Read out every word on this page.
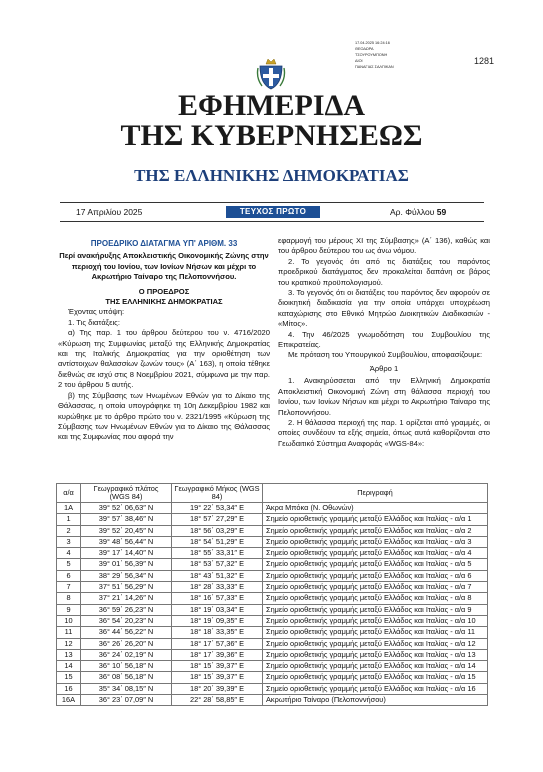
17.04.2025 16:24:16
ΘΕΟΔΩΡΑ
ΤΣΟΥΡΟΥΜΠΟΝΗ
ΔΙΟΙ
ΠΑΝΑΓΙΑΣ ΣΑΛΠΙΚΑΝ
1281
ΕΦΗΜΕΡΙΔΑ
ΤΗΣ ΚΥΒΕΡΝΗΣΕΩΣ
ΤΗΣ ΕΛΛΗΝΙΚΗΣ ΔΗΜΟΚΡΑΤΙΑΣ
17 Απριλίου 2025	ΤΕΥΧΟΣ ΠΡΩΤΟ	Αρ. Φύλλου 59
ΠΡΟΕΔΡΙΚΟ ΔΙΑΤΑΓΜΑ ΥΠ' ΑΡΙΘΜ. 33
Περί ανακήρυξης Αποκλειστικής Οικονομικής Ζώνης στην περιοχή του Ιονίου, των Ιονίων Νήσων και μέχρι το Ακρωτήριο Ταίναρο της Πελοποννήσου.
Ο ΠΡΟΕΔΡΟΣ
ΤΗΣ ΕΛΛΗΝΙΚΗΣ ΔΗΜΟΚΡΑΤΙΑΣ
Έχοντας υπόψη:
1. Τις διατάξεις:
α) Της παρ. 1 του άρθρου δεύτερου του ν. 4716/2020 «Κύρωση της Συμφωνίας μεταξύ της Ελληνικής Δημοκρατίας και της Ιταλικής Δημοκρατίας για την οριοθέτηση των αντίστοιχων θαλασσίων ζωνών τους» (Α΄ 163), η οποία τέθηκε διεθνώς σε ισχύ στις 8 Νοεμβρίου 2021, σύμφωνα με την παρ. 2 του άρθρου 5 αυτής.
β) της Σύμβασης των Ηνωμένων Εθνών για το Δίκαιο της Θάλασσας, η οποία υπογράφηκε τη 10η Δεκεμβρίου 1982 και κυρώθηκε με το άρθρο πρώτο του ν. 2321/1995 «Κύρωση της Σύμβασης των Ηνωμένων Εθνών για το Δίκαιο της Θάλασσας και της Συμφωνίας που αφορά την
εφαρμογή του μέρους XI της Σύμβασης» (Α΄ 136), καθώς και του άρθρου δεύτερου του ως άνω νόμου.
2. Το γεγονός ότι από τις διατάξεις του παρόντος προεδρικού διατάγματος δεν προκαλείται δαπάνη σε βάρος του κρατικού προϋπολογισμού.
3. Το γεγονός ότι οι διατάξεις του παρόντος δεν αφορούν σε διοικητική διαδικασία για την οποία υπάρχει υποχρέωση καταχώρισης στο Εθνικό Μητρώο Διοικητικών Διαδικασιών - «Μίτος».
4. Την 46/2025 γνωμοδότηση του Συμβουλίου της Επικρατείας.
Με πρόταση του Υπουργικού Συμβουλίου, αποφασίζουμε:
Άρθρο 1
1. Ανακηρύσσεται από την Ελληνική Δημοκρατία Αποκλειστική Οικονομική Ζώνη στη θάλασσα περιοχή του Ιονίου, των Ιονίων Νήσων και μέχρι το Ακρωτήριο Ταίναρο της Πελοποννήσου.
2. Η θάλασσα περιοχή της παρ. 1 ορίζεται από γραμμές, οι οποίες συνδέουν τα εξής σημεία, όπως αυτά καθορίζονται στο Γεωδαιτικό Σύστημα Αναφοράς «WGS-84»:
α/α	Γεωγραφικό πλάτος (WGS 84)	Γεωγραφικό Μήκος (WGS 84)	Περιγραφή
1Α	39° 52΄ 06,63″ Ν	19° 22΄ 53,34″ Ε	Άκρα Μπόκα (Ν. Οθωνών)
1	39° 57΄ 38,46″ Ν	18° 57΄ 27,29″ Ε	Σημείο οριοθετικής γραμμής μεταξύ Ελλάδος και Ιταλίας - α/α 1
2	39° 52΄ 20,45″ Ν	18° 56΄ 03,29″ Ε	Σημείο οριοθετικής γραμμής μεταξύ Ελλάδος και Ιταλίας - α/α 2
3	39° 48΄ 56,44″ Ν	18° 54΄ 51,29″ Ε	Σημείο οριοθετικής γραμμής μεταξύ Ελλάδος και Ιταλίας - α/α 3
4	39° 17΄ 14,40″ Ν	18° 55΄ 33,31″ Ε	Σημείο οριοθετικής γραμμής μεταξύ Ελλάδος και Ιταλίας - α/α 4
5	39° 01΄ 56,39″ Ν	18° 53΄ 57,32″ Ε	Σημείο οριοθετικής γραμμής μεταξύ Ελλάδος και Ιταλίας - α/α 5
6	38° 29΄ 56,34″ Ν	18° 43΄ 51,32″ Ε	Σημείο οριοθετικής γραμμής μεταξύ Ελλάδος και Ιταλίας - α/α 6
7	37° 51΄ 56,29″ Ν	18° 28΄ 33,33″ Ε	Σημείο οριοθετικής γραμμής μεταξύ Ελλάδος και Ιταλίας - α/α 7
8	37° 21΄ 14,26″ Ν	18° 16΄ 57,33″ Ε	Σημείο οριοθετικής γραμμής μεταξύ Ελλάδος και Ιταλίας - α/α 8
9	36° 59΄ 26,23″ Ν	18° 19΄ 03,34″ Ε	Σημείο οριοθετικής γραμμής μεταξύ Ελλάδος και Ιταλίας - α/α 9
10	36° 54΄ 20,23″ Ν	18° 19΄ 09,35″ Ε	Σημείο οριοθετικής γραμμής μεταξύ Ελλάδος και Ιταλίας - α/α 10
11	36° 44΄ 56,22″ Ν	18° 18΄ 33,35″ Ε	Σημείο οριοθετικής γραμμής μεταξύ Ελλάδος και Ιταλίας - α/α 11
12	36° 26΄ 26,20″ Ν	18° 17΄ 57,36″ Ε	Σημείο οριοθετικής γραμμής μεταξύ Ελλάδος και Ιταλίας - α/α 12
13	36° 24΄ 02,19″ Ν	18° 17΄ 39,36″ Ε	Σημείο οριοθετικής γραμμής μεταξύ Ελλάδος και Ιταλίας - α/α 13
14	36° 10΄ 56,18″ Ν	18° 15΄ 39,37″ Ε	Σημείο οριοθετικής γραμμής μεταξύ Ελλάδος και Ιταλίας - α/α 14
15	36° 08΄ 56,18″ Ν	18° 15΄ 39,37″ Ε	Σημείο οριοθετικής γραμμής μεταξύ Ελλάδος και Ιταλίας - α/α 15
16	35° 34΄ 08,15″ Ν	18° 20΄ 39,39″ Ε	Σημείο οριοθετικής γραμμής μεταξύ Ελλάδος και Ιταλίας - α/α 16
16Α	36° 23΄ 07,09″ Ν	22° 28΄ 58,85″ Ε	Ακρωτήριο Ταίναρο (Πελοποννήσου)
